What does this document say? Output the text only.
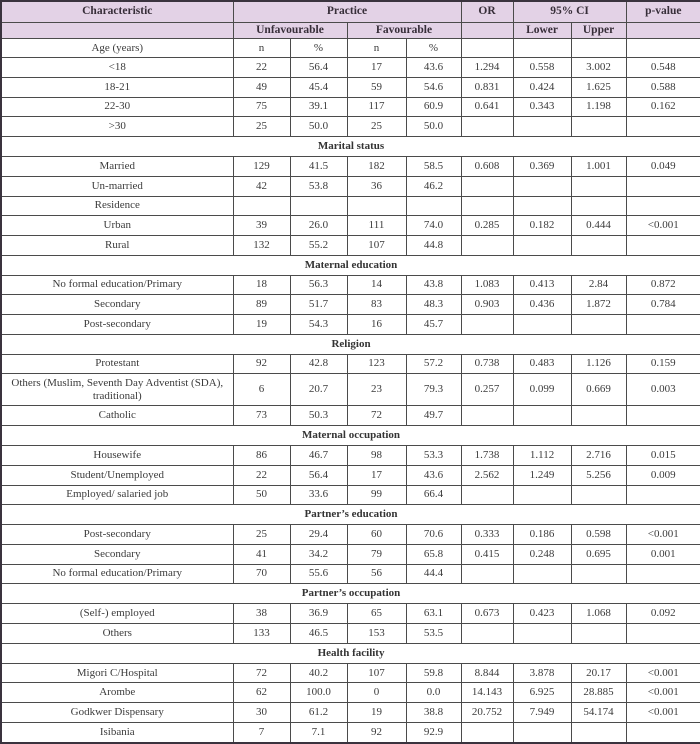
Characteristic	Practice				OR	95% CI		p-value
	Unfavourable		Favourable			Lower	Upper	
Age (years)	n	%	n	%				
<18	22	56.4	17	43.6	1.294	0.558	3.002	0.548
18-21	49	45.4	59	54.6	0.831	0.424	1.625	0.588
22-30	75	39.1	117	60.9	0.641	0.343	1.198	0.162
>30	25	50.0	25	50.0				
Marital status								
Married	129	41.5	182	58.5	0.608	0.369	1.001	0.049
Un-married	42	53.8	36	46.2				
Residence								
Urban	39	26.0	111	74.0	0.285	0.182	0.444	<0.001
Rural	132	55.2	107	44.8				
Maternal education								
No formal education/Primary	18	56.3	14	43.8	1.083	0.413	2.84	0.872
Secondary	89	51.7	83	48.3	0.903	0.436	1.872	0.784
Post-secondary	19	54.3	16	45.7				
Religion								
Protestant	92	42.8	123	57.2	0.738	0.483	1.126	0.159
Others (Muslim, Seventh Day Adventist (SDA), traditional)	6	20.7	23	79.3	0.257	0.099	0.669	0.003
Catholic	73	50.3	72	49.7				
Maternal occupation								
Housewife	86	46.7	98	53.3	1.738	1.112	2.716	0.015
Student/Unemployed	22	56.4	17	43.6	2.562	1.249	5.256	0.009
Employed/ salaried job	50	33.6	99	66.4				
Partner’s education								
Post-secondary	25	29.4	60	70.6	0.333	0.186	0.598	<0.001
Secondary	41	34.2	79	65.8	0.415	0.248	0.695	0.001
No formal education/Primary	70	55.6	56	44.4				
Partner’s occupation								
(Self-) employed	38	36.9	65	63.1	0.673	0.423	1.068	0.092
Others	133	46.5	153	53.5				
Health facility								
Migori C/Hospital	72	40.2	107	59.8	8.844	3.878	20.17	<0.001
Arombe	62	100.0	0	0.0	14.143	6.925	28.885	<0.001
Godkwer Dispensary	30	61.2	19	38.8	20.752	7.949	54.174	<0.001
Isibania	7	7.1	92	92.9				
